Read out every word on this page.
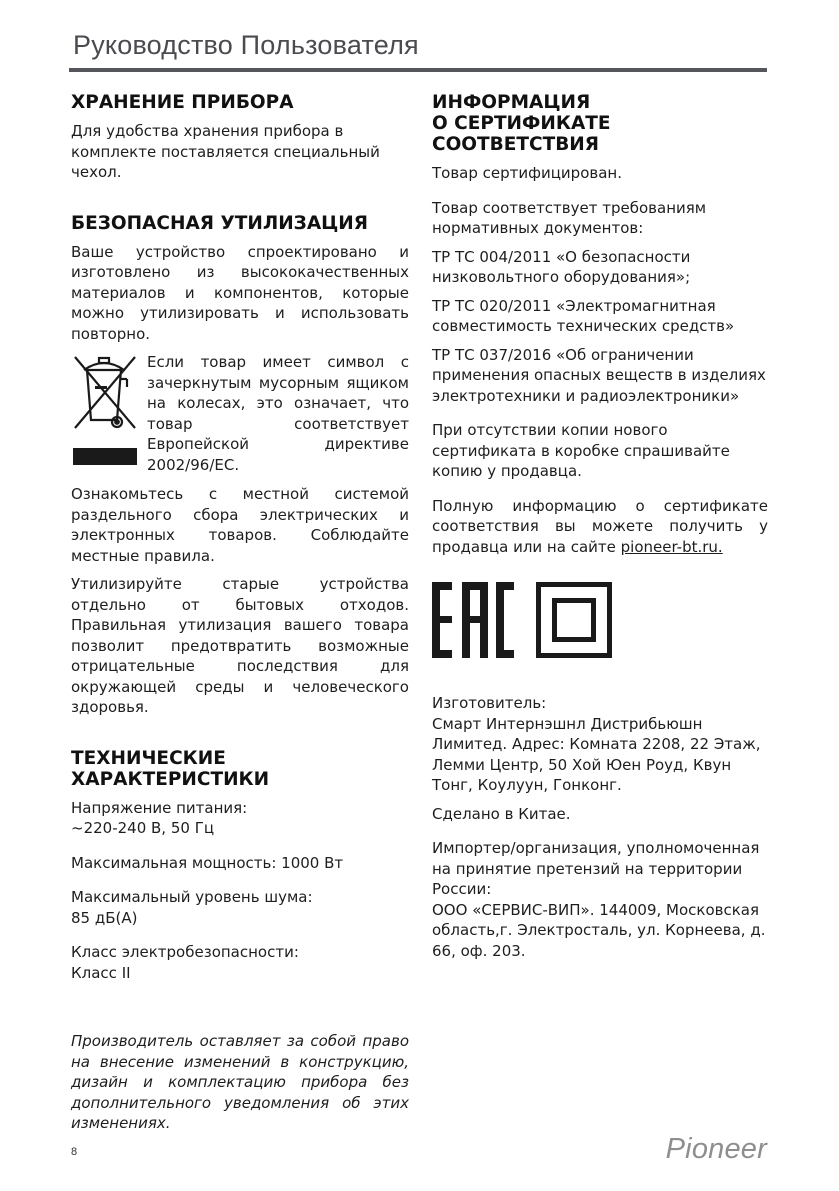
Руководство Пользователя
ХРАНЕНИЕ ПРИБОРА

Для удобства хранения прибора в комплекте поставляется специальный чехол.

БЕЗОПАСНАЯ УТИЛИЗАЦИЯ

Ваше устройство спроектировано и изготовлено из высококачественных материалов и компонентов, которые можно утилизировать и использовать повторно.

Если товар имеет символ с зачеркнутым мусорным ящиком на колесах, это означает, что товар соответствует Европейской директиве 2002/96/EC.

Ознакомьтесь с местной системой раздельного сбора электрических и электронных товаров. Соблюдайте местные правила.

Утилизируйте старые устройства отдельно от бытовых отходов. Правильная утилизация вашего товара позволит предотвратить возможные отрицательные последствия для окружающей среды и человеческого здоровья.

ТЕХНИЧЕСКИЕ
ХАРАКТЕРИСТИКИ

Напряжение питания:

~220-240 В, 50 Гц

Максимальная мощность: 1000 Вт

Максимальный уровень шума:

85 дБ(А)

Класс электробезопасности:

Класс II

Производитель оставляет за собой право на внесение изменений в конструкцию, дизайн и комплектацию прибора без дополнительного уведомления об этих изменениях.

ИНФОРМАЦИЯ
О СЕРТИФИКАТЕ
СООТВЕТСТВИЯ

Товар сертифицирован.

Товар соответствует требованиям нормативных документов:

ТР ТС 004/2011 «О безопасности низковольтного оборудования»;

ТР ТС 020/2011 «Электромагнитная совместимость технических средств»

ТР ТС 037/2016 «Об ограничении применения опасных веществ в изделиях электротехники и радиоэлектроники»

При отсутствии копии нового сертификата в коробке спрашивайте копию у продавца.

Полную информацию о сертификате соответствия вы можете получить у продавца или на сайте pioneer-bt.ru.

Изготовитель:

Смарт Интернэшнл Дистрибьюшн Лимитед. Адрес: Комната 2208, 22 Этаж, Лемми Центр, 50 Хой Юен Роуд, Квун Тонг, Коулуун, Гонконг.

Сделано в Китае.

Импортер/организация, уполномоченная на принятие претензий на территории России:

ООО «СЕРВИС-ВИП». 144009, Московская область,г. Электросталь, ул. Корнеева, д. 66, оф. 203.

8	Pioneer
